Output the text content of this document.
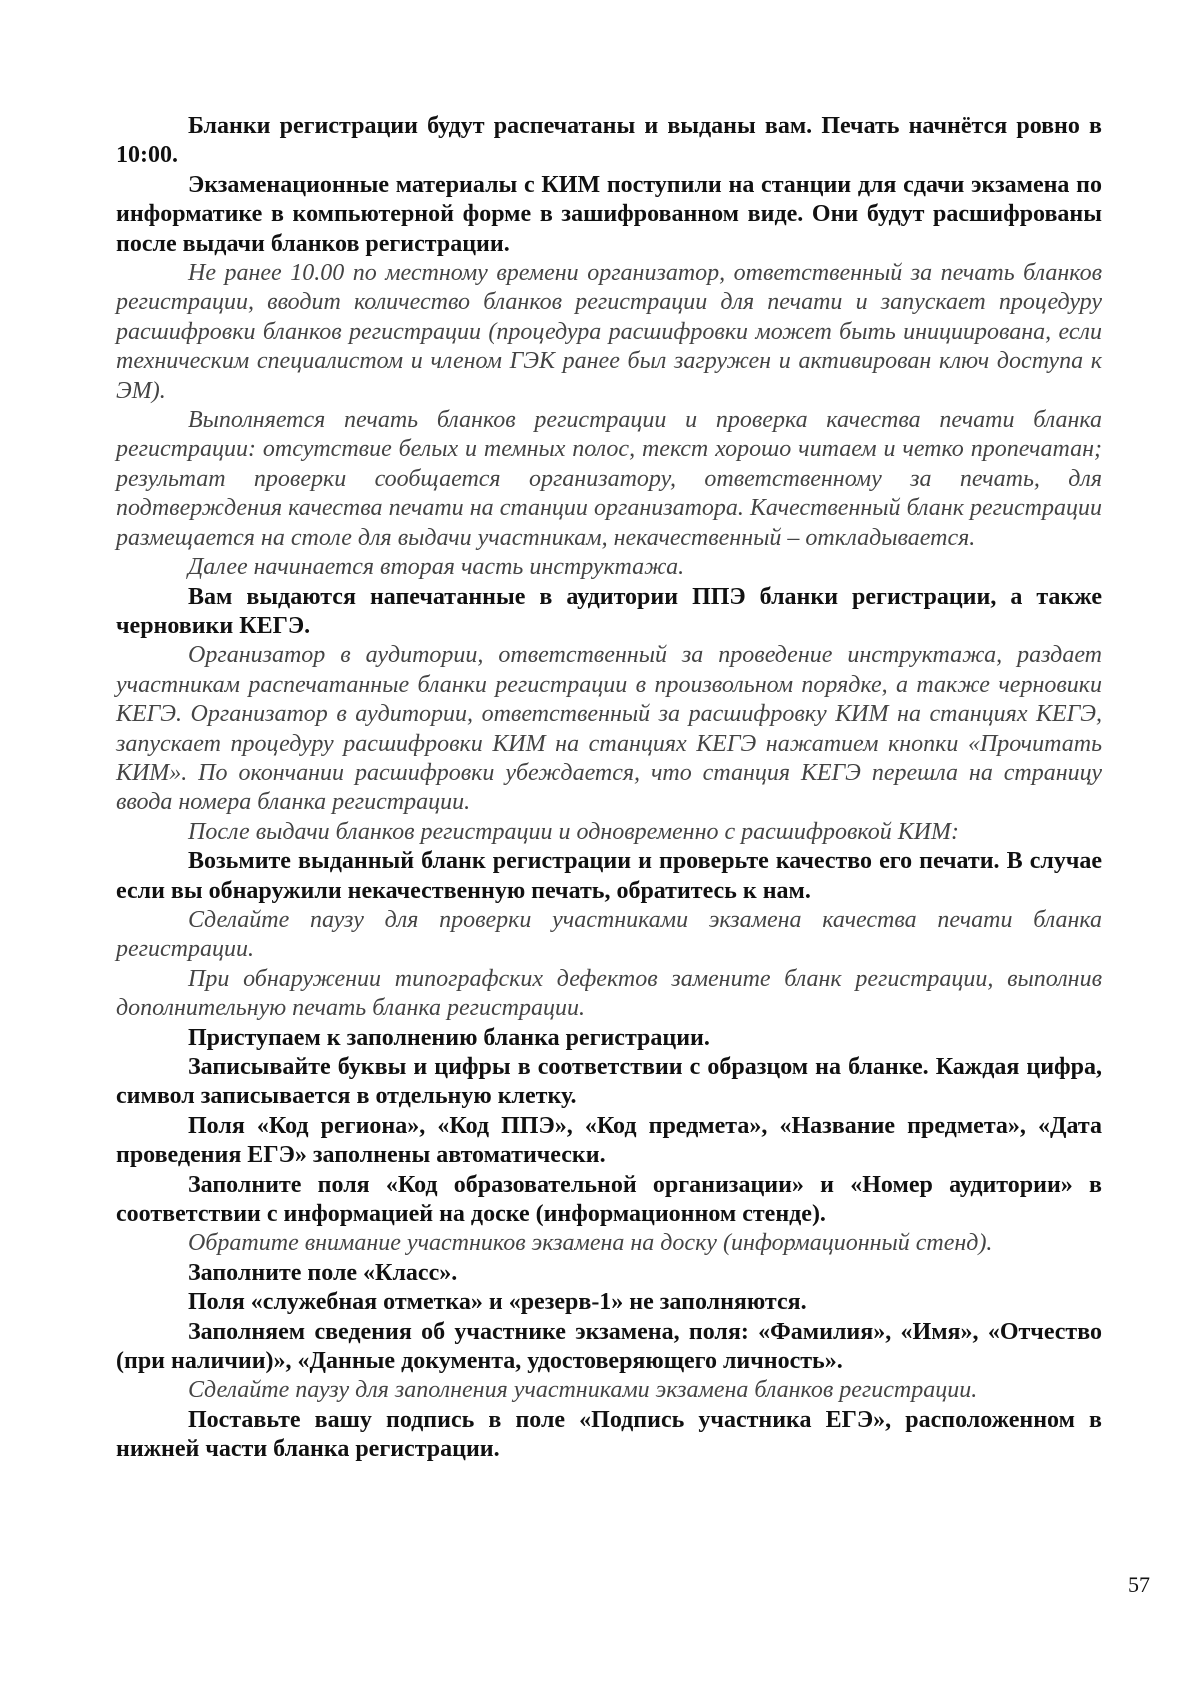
Бланки регистрации будут распечатаны и выданы вам. Печать начнётся ровно в 10:00.

Экзаменационные материалы с КИМ поступили на станции для сдачи экзамена по информатике в компьютерной форме в зашифрованном виде. Они будут расшифрованы после выдачи бланков регистрации.

Не ранее 10.00 по местному времени организатор, ответственный за печать бланков регистрации, вводит количество бланков регистрации для печати и запускает процедуру расшифровки бланков регистрации (процедура расшифровки может быть инициирована, если техническим специалистом и членом ГЭК ранее был загружен и активирован ключ доступа к ЭМ).

Выполняется печать бланков регистрации и проверка качества печати бланка регистрации: отсутствие белых и темных полос, текст хорошо читаем и четко пропечатан; результат проверки сообщается организатору, ответственному за печать, для подтверждения качества печати на станции организатора. Качественный бланк регистрации размещается на столе для выдачи участникам, некачественный – откладывается.

Далее начинается вторая часть инструктажа.

Вам выдаются напечатанные в аудитории ППЭ бланки регистрации, а также черновики КЕГЭ.

Организатор в аудитории, ответственный за проведение инструктажа, раздает участникам распечатанные бланки регистрации в произвольном порядке, а также черновики КЕГЭ. Организатор в аудитории, ответственный за расшифровку КИМ на станциях КЕГЭ, запускает процедуру расшифровки КИМ на станциях КЕГЭ нажатием кнопки «Прочитать КИМ». По окончании расшифровки убеждается, что станция КЕГЭ перешла на страницу ввода номера бланка регистрации.

После выдачи бланков регистрации и одновременно с расшифровкой КИМ:

Возьмите выданный бланк регистрации и проверьте качество его печати. В случае если вы обнаружили некачественную печать, обратитесь к нам.

Сделайте паузу для проверки участниками экзамена качества печати бланка регистрации.

При обнаружении типографских дефектов замените бланк регистрации, выполнив дополнительную печать бланка регистрации.

Приступаем к заполнению бланка регистрации.

Записывайте буквы и цифры в соответствии с образцом на бланке. Каждая цифра, символ записывается в отдельную клетку.

Поля «Код региона», «Код ППЭ», «Код предмета», «Название предмета», «Дата проведения ЕГЭ» заполнены автоматически.

Заполните поля «Код образовательной организации» и «Номер аудитории» в соответствии с информацией на доске (информационном стенде).

Обратите внимание участников экзамена на доску (информационный стенд).

Заполните поле «Класс».

Поля «служебная отметка» и «резерв-1» не заполняются.

Заполняем сведения об участнике экзамена, поля: «Фамилия», «Имя», «Отчество (при наличии)», «Данные документа, удостоверяющего личность».

Сделайте паузу для заполнения участниками экзамена бланков регистрации.

Поставьте вашу подпись в поле «Подпись участника ЕГЭ», расположенном в нижней части бланка регистрации.

57
